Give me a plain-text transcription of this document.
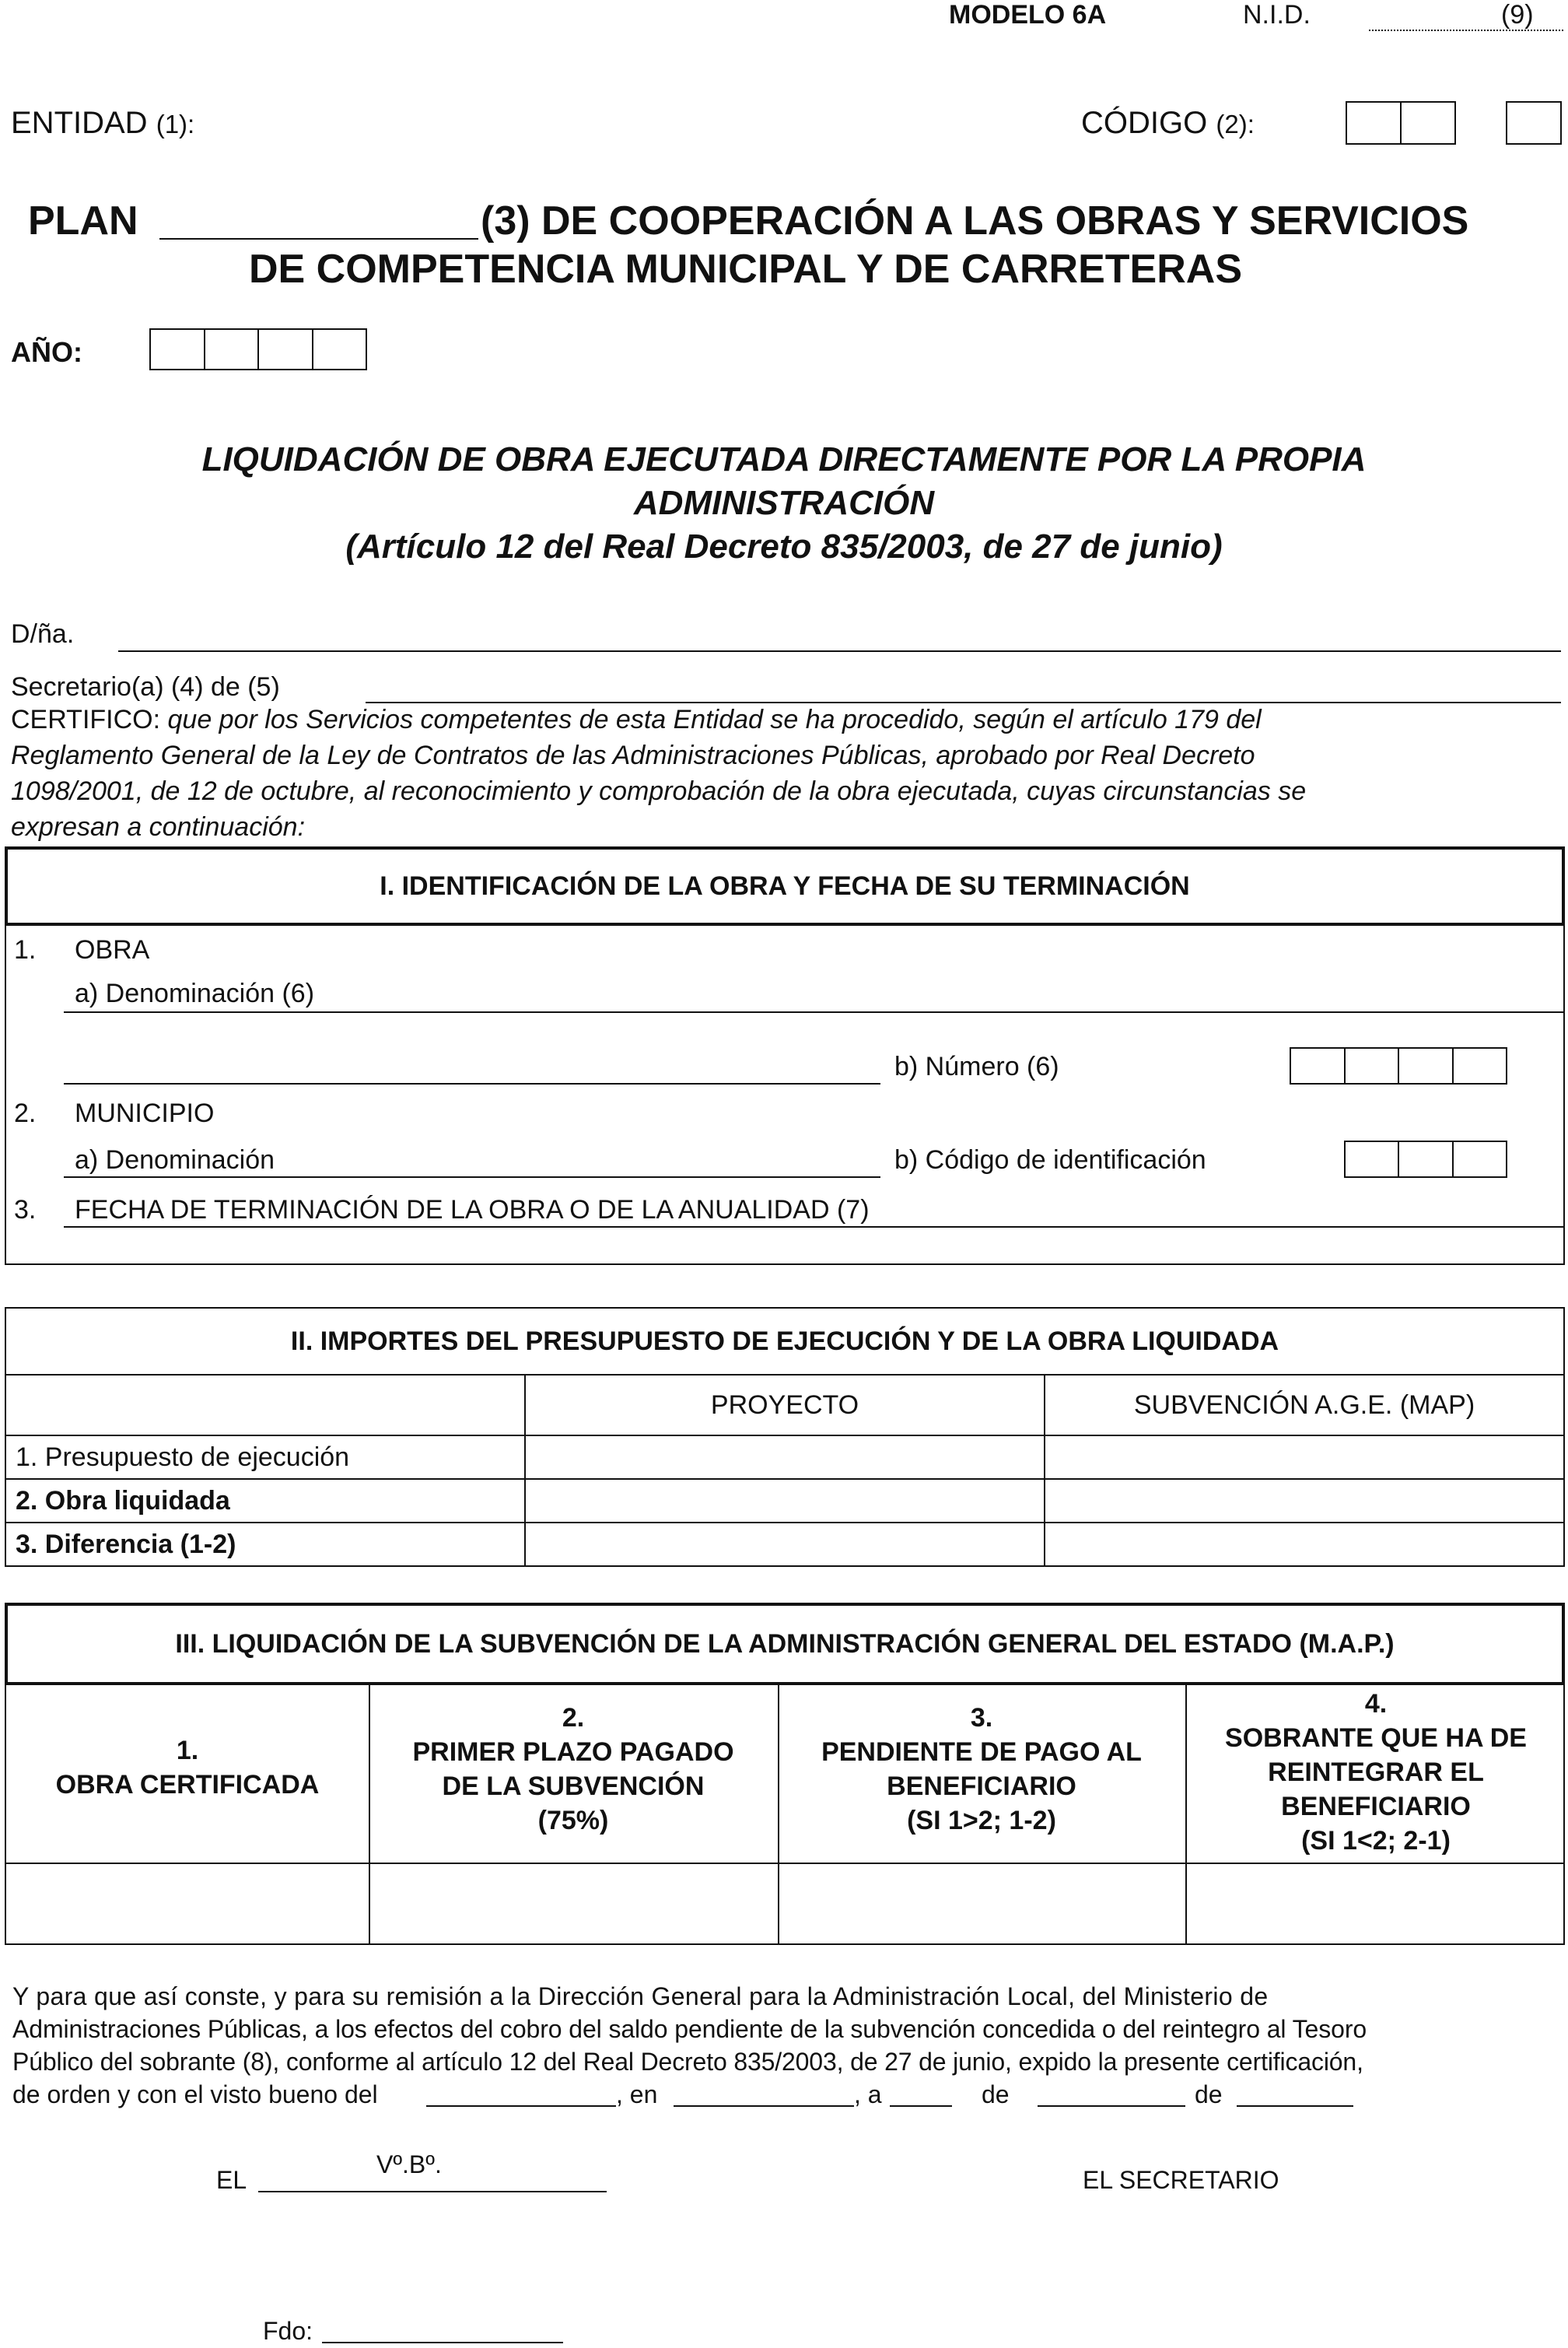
MODELO 6A	N.I.D.	(9)
ENTIDAD (1):	CÓDIGO (2):
PLAN	(3) DE COOPERACIÓN A LAS OBRAS Y SERVICIOS
DE COMPETENCIA MUNICIPAL Y DE CARRETERAS
AÑO:
LIQUIDACIÓN DE OBRA EJECUTADA DIRECTAMENTE POR LA PROPIA
ADMINISTRACIÓN
(Artículo 12 del Real Decreto 835/2003, de 27 de junio)
D/ña.
Secretario(a) (4) de (5)
CERTIFICO: que por los Servicios competentes de esta Entidad se ha procedido, según el artículo 179 del
Reglamento General de la Ley de Contratos de las Administraciones Públicas, aprobado por Real Decreto
1098/2001, de 12 de octubre, al reconocimiento y comprobación de la obra ejecutada, cuyas circunstancias se
expresan a continuación:
I. IDENTIFICACIÓN DE LA OBRA Y FECHA DE SU TERMINACIÓN
1. OBRA
a) Denominación (6)
b) Número (6)
2. MUNICIPIO
a) Denominación	b) Código de identificación
3. FECHA DE TERMINACIÓN DE LA OBRA O DE LA ANUALIDAD (7)
II. IMPORTES DEL PRESUPUESTO DE EJECUCIÓN Y DE LA OBRA LIQUIDADA		
	PROYECTO	SUBVENCIÓN A.G.E. (MAP)
1. Presupuesto de ejecución		
2. Obra liquidada		
3. Diferencia (1-2)		
III. LIQUIDACIÓN DE LA SUBVENCIÓN DE LA ADMINISTRACIÓN GENERAL DEL ESTADO (M.A.P.)
1.
OBRA CERTIFICADA
2.
PRIMER PLAZO PAGADO
DE LA SUBVENCIÓN
(75%)
3.
PENDIENTE DE PAGO AL
BENEFICIARIO
(SI 1>2; 1-2)
4.
SOBRANTE QUE HA DE
REINTEGRAR EL
BENEFICIARIO
(SI 1<2; 2-1)
Y para que así conste, y para su remisión a la Dirección General para la Administración Local, del Ministerio de
Administraciones Públicas, a los efectos del cobro del saldo pendiente de la subvención concedida o del reintegro al Tesoro
Público del sobrante (8), conforme al artículo 12 del Real Decreto 835/2003, de 27 de junio, expido la presente certificación,
de orden y con el visto bueno del	, en	, a	de	de
Vº.Bº.
EL	EL SECRETARIO
Fdo:
